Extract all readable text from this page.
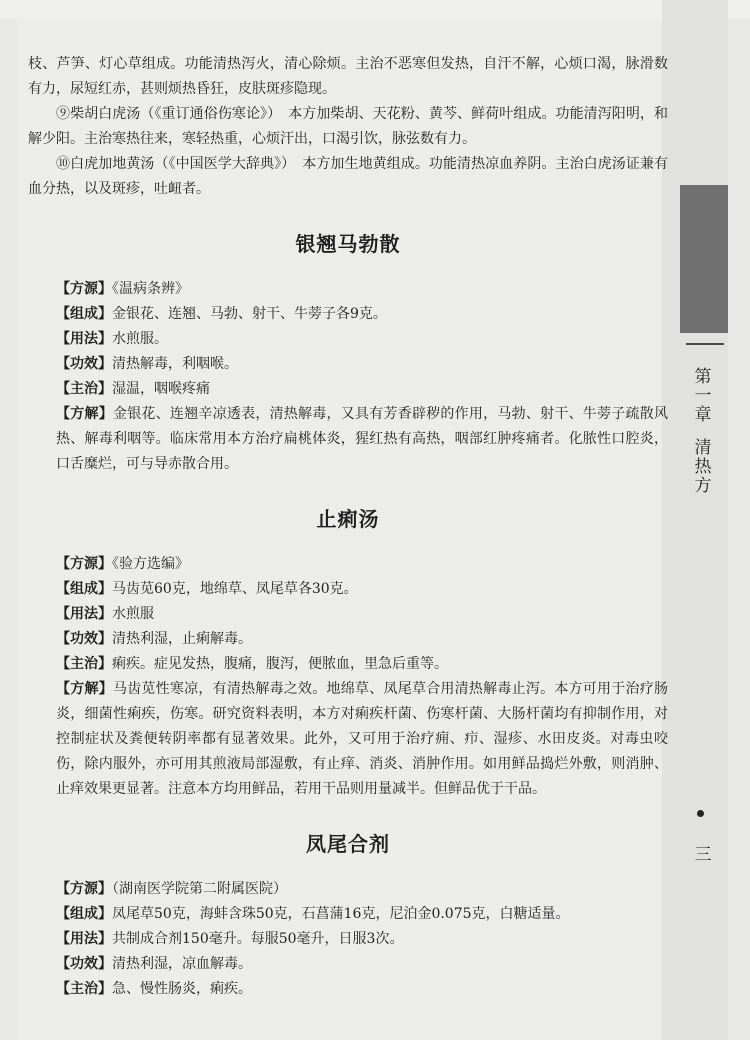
第一章
清热方
三

枝、芦笋、灯心草组成。功能清热泻火，清心除烦。主治不恶寒但发热，自汗不解，心烦口渴，脉滑数有力，尿短红赤，甚则烦热昏狂，皮肤斑疹隐现。

⑨柴胡白虎汤（《重订通俗伤寒论》）　本方加柴胡、天花粉、黄芩、鲜荷叶组成。功能清泻阳明，和解少阳。主治寒热往来，寒轻热重，心烦汗出，口渴引饮，脉弦数有力。

⑩白虎加地黄汤（《中国医学大辞典》）　本方加生地黄组成。功能清热凉血养阴。主治白虎汤证兼有血分热，以及斑疹，吐衄者。

银翘马勃散

【方源】《温病条辨》

【组成】金银花、连翘、马勃、射干、牛蒡子各9克。

【用法】水煎服。

【功效】清热解毒，利咽喉。

【主治】湿温，咽喉疼痛

【方解】金银花、连翘辛凉透表，清热解毒，又具有芳香辟秽的作用，马勃、射干、牛蒡子疏散风热、解毒利咽等。临床常用本方治疗扁桃体炎，猩红热有高热，咽部红肿疼痛者。化脓性口腔炎，口舌糜烂，可与导赤散合用。

止痢汤

【方源】《验方选编》

【组成】马齿苋60克，地绵草、凤尾草各30克。

【用法】水煎服

【功效】清热利湿，止痢解毒。

【主治】痢疾。症见发热，腹痛，腹泻，便脓血，里急后重等。

【方解】马齿苋性寒凉，有清热解毒之效。地绵草、凤尾草合用清热解毒止泻。本方可用于治疗肠炎，细菌性痢疾，伤寒。研究资料表明，本方对痢疾杆菌、伤寒杆菌、大肠杆菌均有抑制作用，对控制症状及粪便转阴率都有显著效果。此外，又可用于治疗痈、疖、湿疹、水田皮炎。对毒虫咬伤，除内服外，亦可用其煎液局部湿敷，有止痒、消炎、消肿作用。如用鲜品捣烂外敷，则消肿、止痒效果更显著。注意本方均用鲜品，若用干品则用量减半。但鲜品优于干品。

凤尾合剂

【方源】（湖南医学院第二附属医院）

【组成】凤尾草50克，海蚌含珠50克，石菖蒲16克，尼泊金0.075克，白糖适量。

【用法】共制成合剂150毫升。每服50毫升，日服3次。

【功效】清热利湿，凉血解毒。

【主治】急、慢性肠炎，痢疾。
